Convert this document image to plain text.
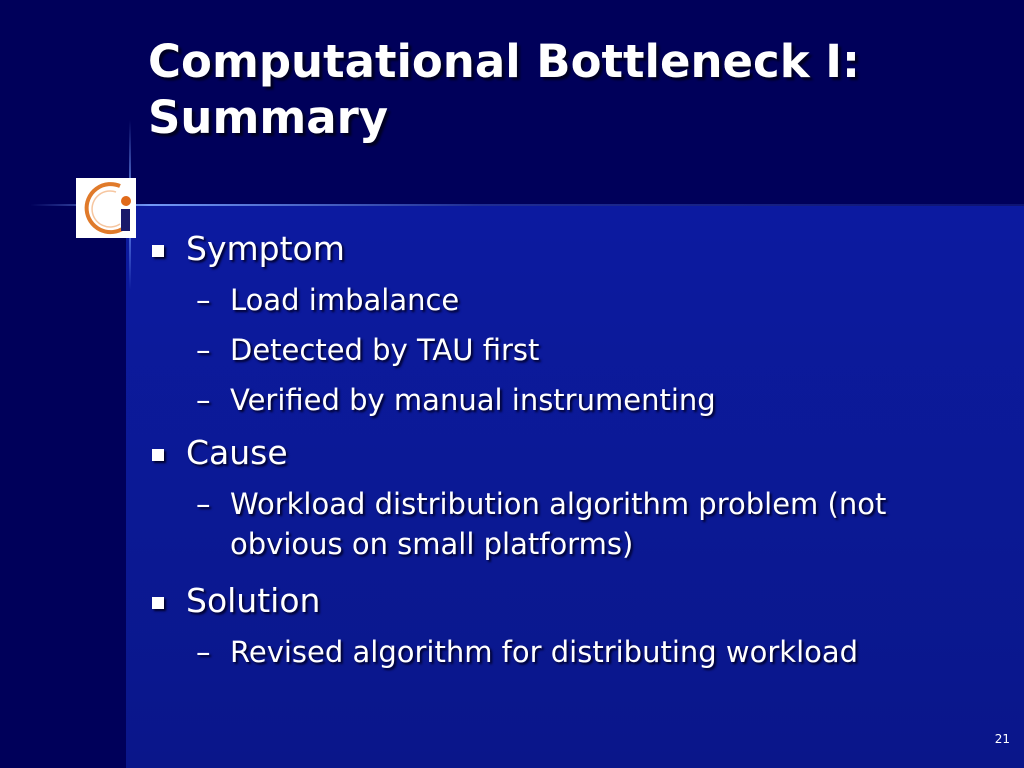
Computational Bottleneck I:
Summary
Symptom
– Load imbalance
– Detected by TAU first
– Verified by manual instrumenting
Cause
– Workload distribution algorithm problem (not obvious on small platforms)
Solution
– Revised algorithm for distributing workload
21
